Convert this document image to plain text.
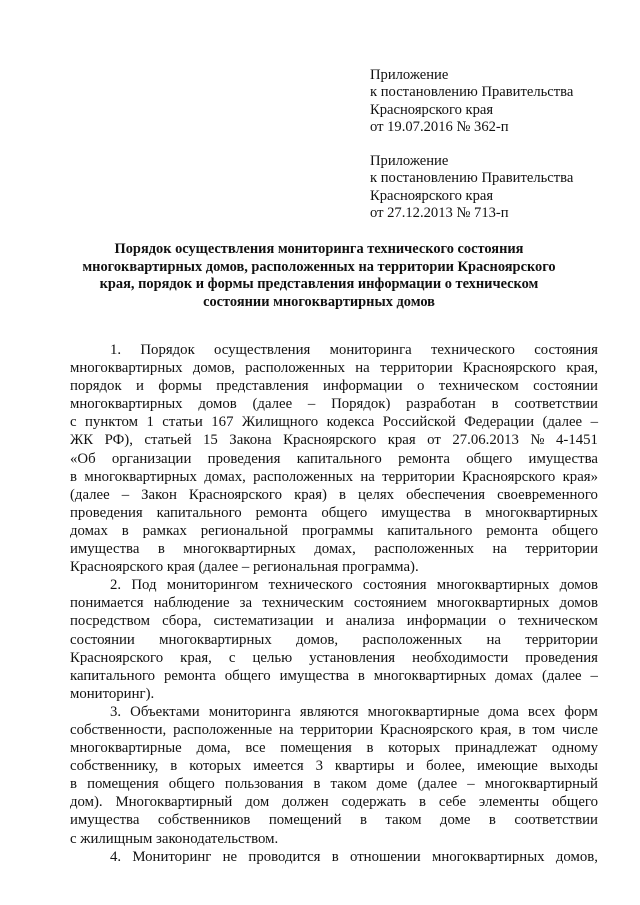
Приложение
к постановлению Правительства
Красноярского края
от 19.07.2016 № 362-п
Приложение
к постановлению Правительства
Красноярского края
от 27.12.2013 № 713-п
Порядок осуществления мониторинга технического состояния
многоквартирных домов, расположенных на территории Красноярского
края, порядок и формы представления информации о техническом
состоянии многоквартирных домов
1. Порядок осуществления мониторинга технического состояния
многоквартирных домов, расположенных на территории Красноярского края,
порядок и формы представления информации о техническом состоянии
многоквартирных домов (далее – Порядок) разработан в соответствии
с пунктом 1 статьи 167 Жилищного кодекса Российской Федерации (далее –
ЖК РФ), статьей 15 Закона Красноярского края от 27.06.2013 № 4-1451
«Об организации проведения капитального ремонта общего имущества
в многоквартирных домах, расположенных на территории Красноярского края»
(далее – Закон Красноярского края) в целях обеспечения своевременного
проведения капитального ремонта общего имущества в многоквартирных
домах в рамках региональной программы капитального ремонта общего
имущества в многоквартирных домах, расположенных на территории
Красноярского края (далее – региональная программа).
2. Под мониторингом технического состояния многоквартирных домов
понимается наблюдение за техническим состоянием многоквартирных домов
посредством сбора, систематизации и анализа информации о техническом
состоянии многоквартирных домов, расположенных на территории
Красноярского края, с целью установления необходимости проведения
капитального ремонта общего имущества в многоквартирных домах (далее –
мониторинг).
3. Объектами мониторинга являются многоквартирные дома всех форм
собственности, расположенные на территории Красноярского края, в том числе
многоквартирные дома, все помещения в которых принадлежат одному
собственнику, в которых имеется 3 квартиры и более, имеющие выходы
в помещения общего пользования в таком доме (далее – многоквартирный
дом). Многоквартирный дом должен содержать в себе элементы общего
имущества собственников помещений в таком доме в соответствии
с жилищным законодательством.
4. Мониторинг не проводится в отношении многоквартирных домов,
